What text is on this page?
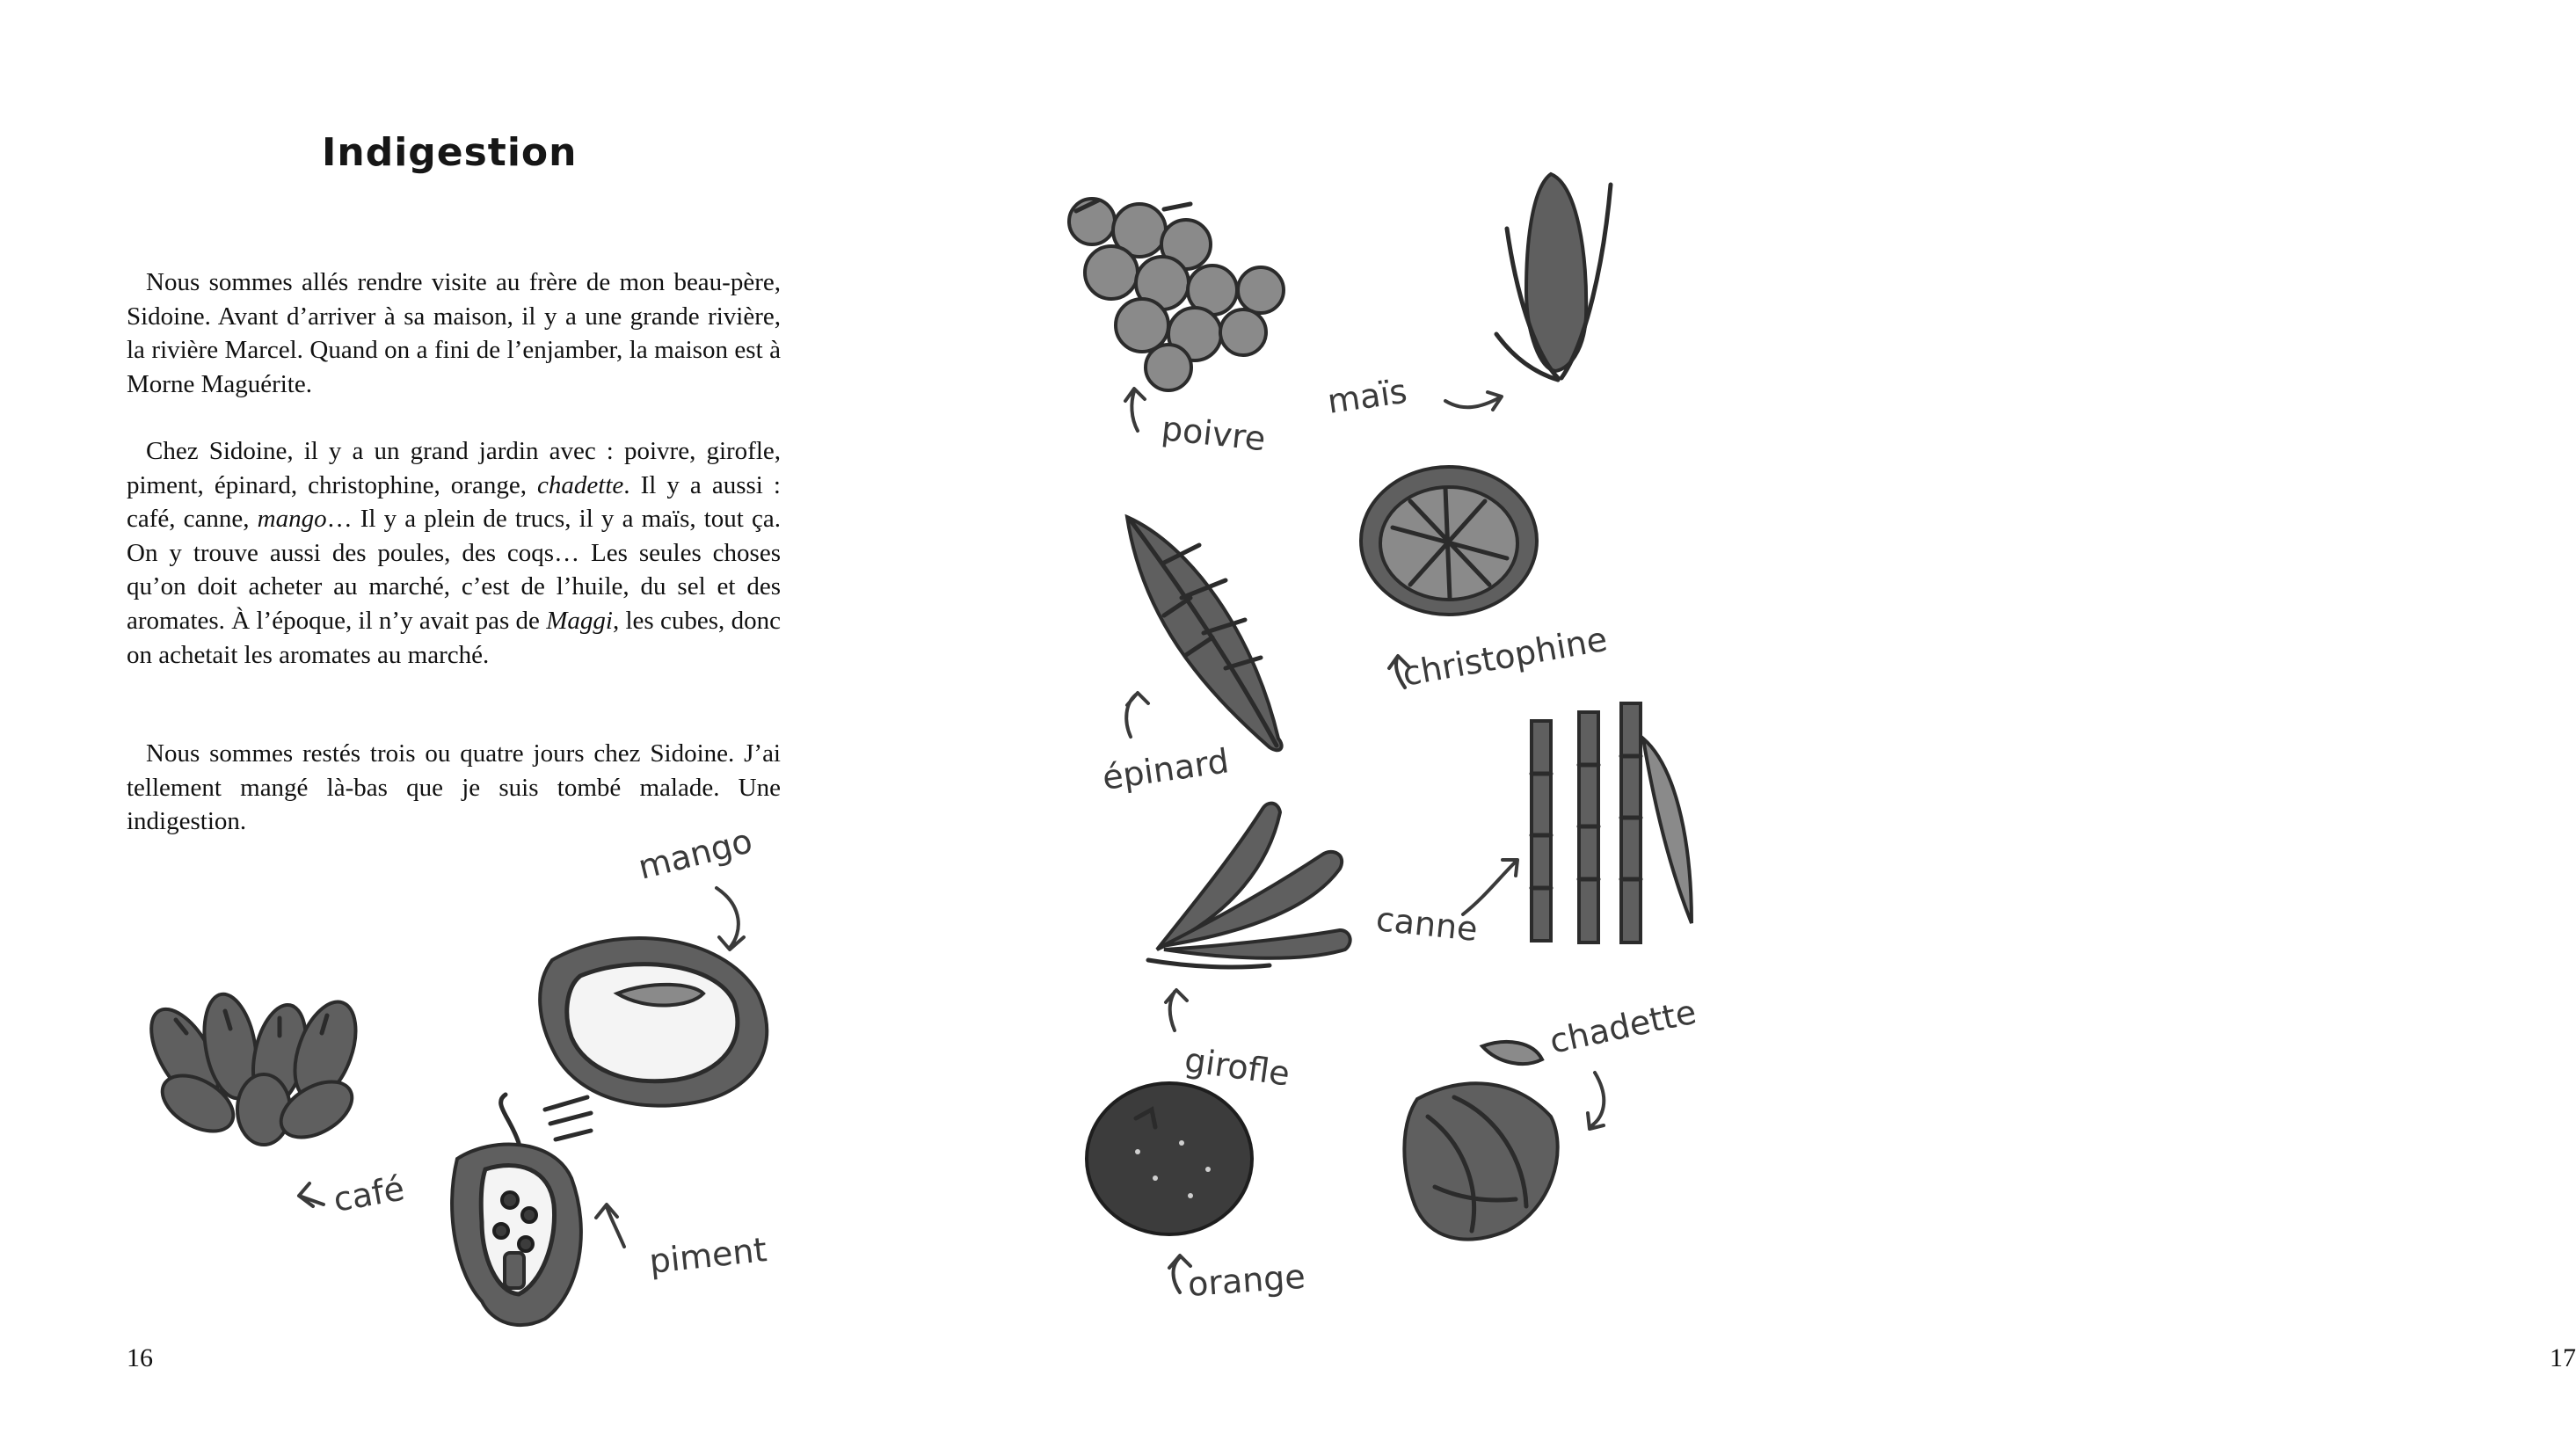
Indigestion

Nous sommes allés rendre visite au frère de mon beau-père, Sidoine. Avant d’arriver à sa maison, il y a une grande rivière, la rivière Marcel. Quand on a fini de l’enjamber, la maison est à Morne Maguérite.

Chez Sidoine, il y a un grand jardin avec : poivre, girofle, piment, épinard, christophine, orange, chadette. Il y a aussi : café, canne, mango… Il y a plein de trucs, il y a maïs, tout ça. On y trouve aussi des poules, des coqs… Les seules choses qu’on doit acheter au marché, c’est de l’huile, du sel et des aromates. À l’époque, il n’y avait pas de Maggi, les cubes, donc on achetait les aromates au marché.

Nous sommes restés trois ou quatre jours chez Sidoine. J’ai tellement mangé là-bas que je suis tombé malade. Une indigestion.	mango
café
piment
16
poivre
maïs
épinard
christophine
girofle
canne
orange
chadette
17
